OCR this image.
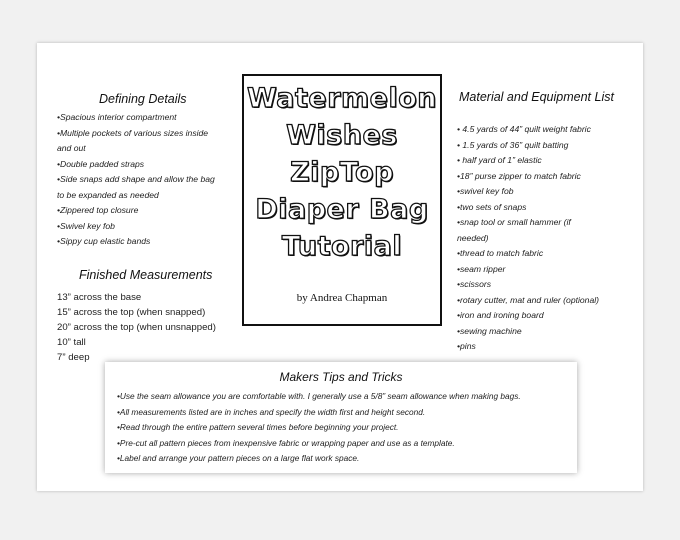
Watermelon
Wishes
ZipTop
Diaper Bag
Tutorial
by Andrea Chapman
Defining Details
•Spacious interior compartment
•Multiple pockets of various sizes inside
and out
•Double padded straps
•Side snaps add shape and allow the bag
to be expanded as needed
•Zippered top closure
•Swivel key fob
•Sippy cup elastic bands
Finished Measurements
13” across the base
15” across the top (when snapped)
20” across the top (when unsnapped)
10” tall
7” deep
Material and Equipment List
• 4.5 yards of 44” quilt weight fabric
• 1.5 yards of 36” quilt batting
• half yard of 1” elastic
•18” purse zipper to match fabric
•swivel key fob
•two sets of snaps
•snap tool or small hammer (if
needed)
•thread to match fabric
•seam ripper
•scissors
•rotary cutter, mat and ruler (optional)
•iron and ironing board
•sewing machine
•pins
Makers Tips and Tricks
•Use the seam allowance you are comfortable with. I generally use a 5/8” seam allowance when making bags.
•All measurements listed are in inches and specify the width first and height second.
•Read through the entire pattern several times before beginning your project.
•Pre-cut all pattern pieces from inexpensive fabric or wrapping paper and use as a template.
•Label and arrange your pattern pieces on a large flat work space.
